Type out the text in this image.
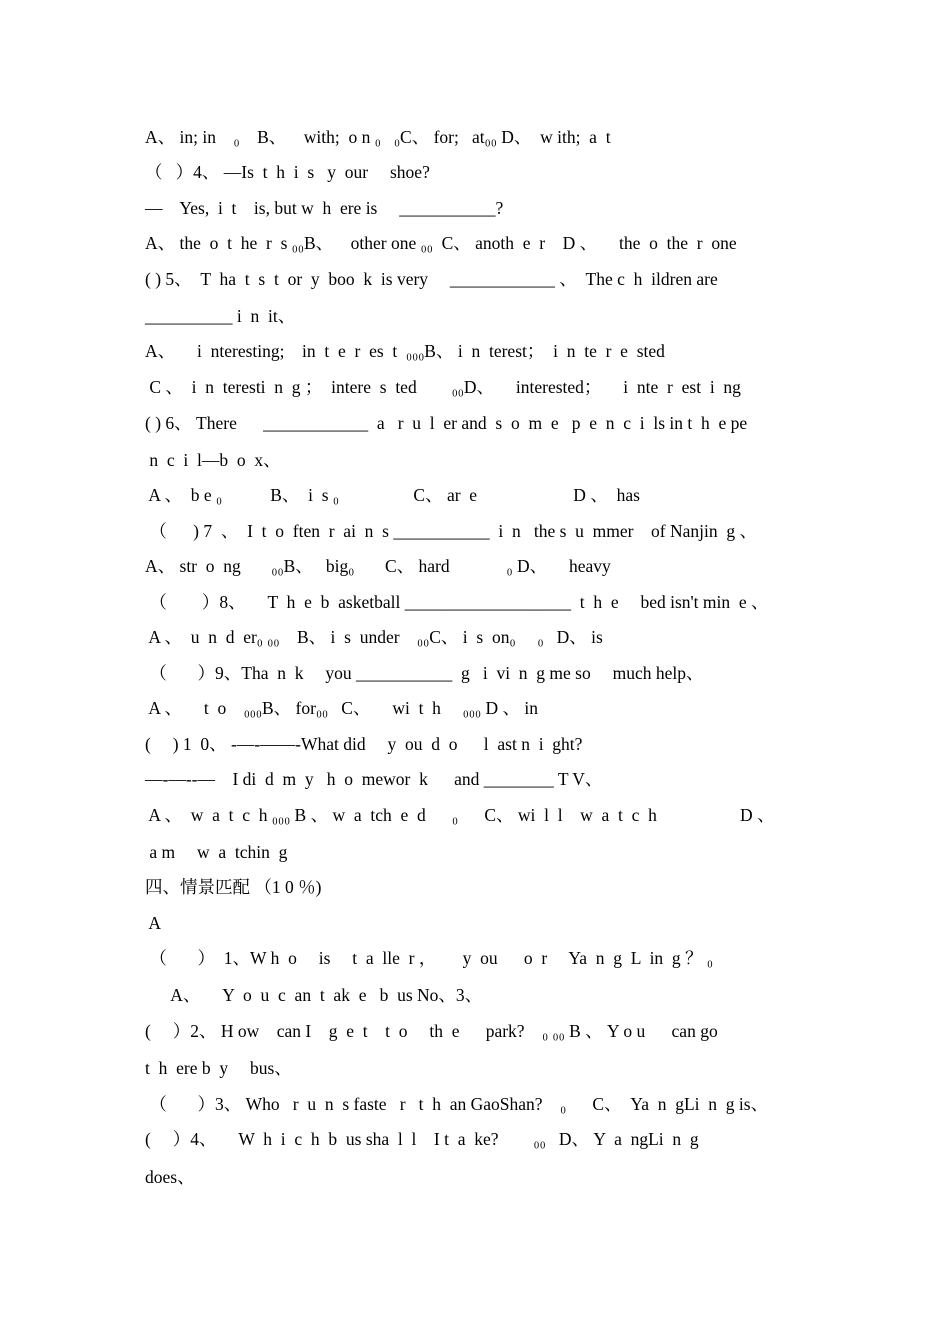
A、 in; in    ₀    B、    with;  o n ₀   ₀C、 for;   at₀₀ D、  w ith;  a  t
（   ）4、 —Is  t  h  i  s   y  our     shoe?
—    Yes,  i  t    is, but w  h  ere is     ___________?
A、 the  o  t  he  r  s ₀₀B、    other one ₀₀  C、 anoth  e  r    D 、     the  o  the  r  one
( ) 5、  T  ha  t  s  t  or  y  boo  k  is very     ____________ 、  The c  h  ildren are
__________ i  n  it、
A、     i  nteresting;    in  t  e  r  es  t  ₀₀₀B、 i  n  terest；  i  n  te  r  e  sted
C 、  i  n  teresti  n  g ；  intere  s  ted        ₀₀D、     interested；     i  nte  r  est  i  ng
( ) 6、 There      ____________  a   r  u  l  er and  s  o  m  e   p  e  n  c  i  ls in t  h  e pe
n  c  i  l—b  o  x、
A 、  b e ₀           B、  i  s ₀                 C、 ar  e                      D 、  has
（      ) 7  、  I  t  o  ften  r  ai  n  s ___________  i  n   the s  u  mmer    of Nanjin  g 、
A、 str  o  ng       ₀₀B、   big₀       C、 hard             ₀ D、     heavy
（        ）8、     T  h  e  b  asketball ___________________  t  h  e     bed isn't min  e 、
A 、  u  n  d  er₀ ₀₀    B、 i  s  under    ₀₀C、 i  s  on₀     ₀   D、 is
（       ）9、Tha  n  k     you ___________  g   i  vi  n  g me so     much help、
A 、     t  o    ₀₀₀B、 for₀₀   C、     wi  t  h     ₀₀₀ D 、 in
(     ) 1  0、 -—-——-What did     y  ou  d  o      l  ast n  i  ght?
—-—--—    I di  d  m  y   h  o  mewor  k      and ________ T V、
A 、  w  a  t  c  h ₀₀₀ B 、 w  a  tch  e  d      ₀      C、 wi  l  l    w  a  t  c  h                   D 、
a m     w  a  tchin  g
四、情景匹配 （1 0 ％)
A
（       ）  1、W h  o     is     t  a  lle  r ，      y  ou      o  r     Ya  n  g  L  in  g ？ ₀
A、     Y  o  u  c  an  t  ak  e   b  us No、3、
(     ）2、 H ow    can I    g  e  t    t  o     th  e      park?    ₀ ₀₀ B 、 Y o u      can go
t  h  ere b  y     bus、
（       ）3、 Who   r  u  n  s faste   r   t  h  an GaoShan?    ₀      C、  Ya  n  gLi  n  g is、
(     ）4、     W  h  i  c  h  b  us sha  l  l    I t  a  ke?        ₀₀   D、 Y  a  ngLi  n  g
does、
